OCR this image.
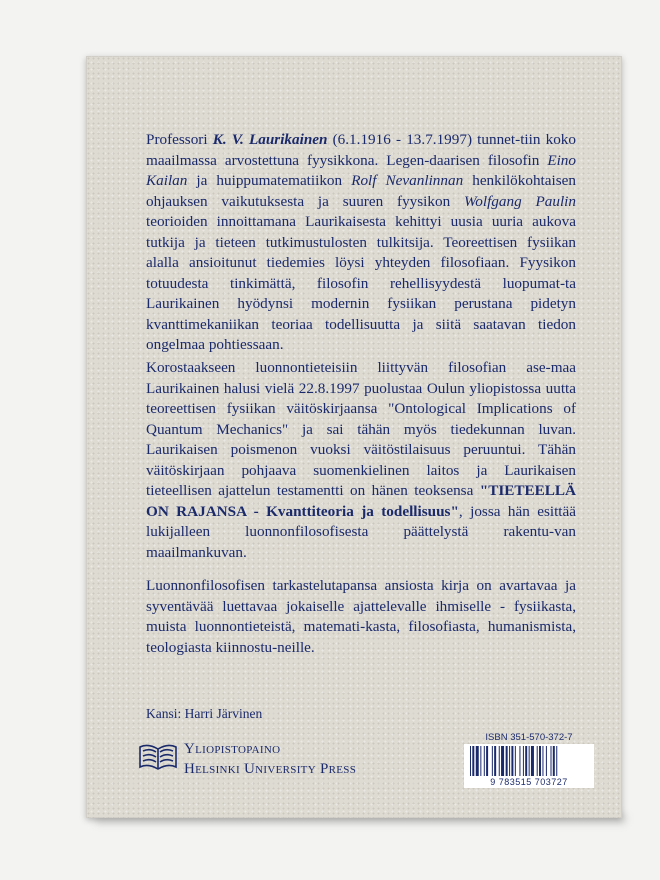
Professori K. V. Laurikainen (6.1.1916 - 13.7.1997) tunnet-tiin koko maailmassa arvostettuna fyysikkona. Legen-daarisen filosofin Eino Kailan ja huippumatematiikon Rolf Nevanlinnan henkilökohtaisen ohjauksen vaikutuksesta ja suuren fyysikon Wolfgang Paulin teorioiden innoittamana Laurikaisesta kehittyi uusia uuria aukova tutkija ja tieteen tutkimustulosten tulkitsija. Teoreettisen fysiikan alalla ansioitunut tiedemies löysi yhteyden filosofiaan. Fyysikon totuudesta tinkimättä, filosofin rehellisyydestä luopumat-ta Laurikainen hyödynsi modernin fysiikan perustana pidetyn kvanttimekaniikan teoriaa todellisuutta ja siitä saatavan tiedon ongelmaa pohtiessaan.
Korostaakseen luonnontieteisiin liittyvän filosofian ase-maa Laurikainen halusi vielä 22.8.1997 puolustaa Oulun yliopistossa uutta teoreettisen fysiikan väitöskirjaansa "Ontological Implications of Quantum Mechanics" ja sai tähän myös tiedekunnan luvan. Laurikaisen poismenon vuoksi väitöstilaisuus peruuntui. Tähän väitöskirjaan pohjaava suomenkielinen laitos ja Laurikaisen tieteellisen ajattelun testamentti on hänen teoksensa "TIETEELLÄ ON RAJANSA - Kvanttiteoria ja todellisuus", jossa hän esittää lukijalleen luonnonfilosofisesta päättelystä rakentu-van maailmankuvan.
Luonnonfilosofisen tarkastelutapansa ansiosta kirja on avartavaa ja syventävää luettavaa jokaiselle ajattelevalle ihmiselle - fysiikasta, muista luonnontieteistä, matemati-kasta, filosofiasta, humanismista, teologiasta kiinnostu-neille.
Kansi: Harri Järvinen
Yliopistopaino
Helsinki University Press
ISBN 351-570-372-7
9 783515 703727
